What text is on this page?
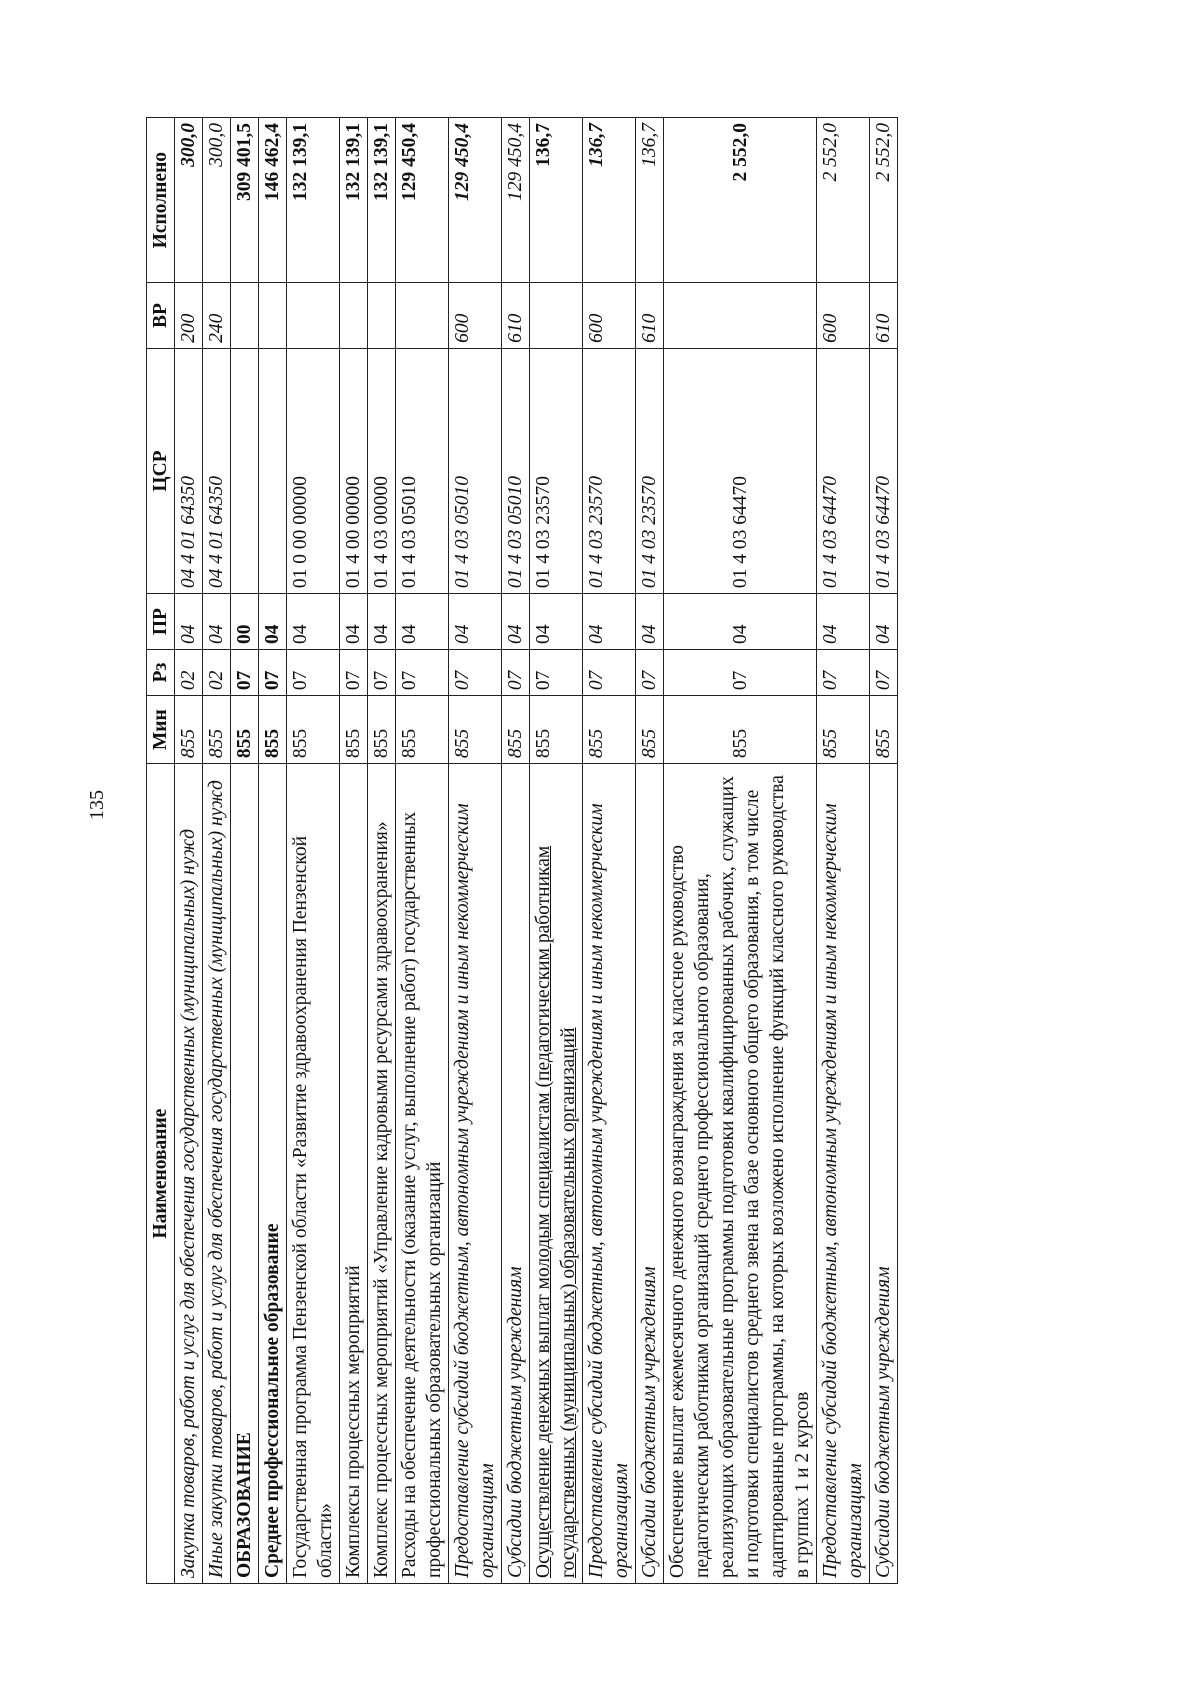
135
Наименование	Мин	Рз	ПР	ЦСР	ВР	Исполнено
Закупка товаров, работ и услуг для обеспечения государственных (муниципальных) нужд	855	02	04	04 4 01 64350	200	300,0
Иные закупки товаров, работ и услуг для обеспечения государственных (муниципальных) нужд	855	02	04	04 4 01 64350	240	300,0
ОБРАЗОВАНИЕ	855	07	00			309 401,5
Среднее профессиональное образование	855	07	04			146 462,4
Государственная программа Пензенской области «Развитие здравоохранения Пензенской области»	855	07	04	01 0 00 00000		132 139,1
Комплексы процессных мероприятий	855	07	04	01 4 00 00000		132 139,1
Комплекс процессных мероприятий «Управление кадровыми ресурсами здравоохранения»	855	07	04	01 4 03 00000		132 139,1
Расходы на обеспечение деятельности (оказание услуг, выполнение работ) государственных профессиональных образовательных организаций	855	07	04	01 4 03 05010		129 450,4
Предоставление субсидий бюджетным, автономным учреждениям и иным некоммерческим организациям	855	07	04	01 4 03 05010	600	129 450,4
Субсидии бюджетным учреждениям	855	07	04	01 4 03 05010	610	129 450,4
Осуществление денежных выплат молодым специалистам (педагогическим работникам государственных (муниципальных) образовательных организаций	855	07	04	01 4 03 23570		136,7
Предоставление субсидий бюджетным, автономным учреждениям и иным некоммерческим организациям	855	07	04	01 4 03 23570	600	136,7
Субсидии бюджетным учреждениям	855	07	04	01 4 03 23570	610	136,7
Обеспечение выплат ежемесячного денежного вознаграждения за классное руководство педагогическим работникам организаций среднего профессионального образования, реализующих образовательные программы подготовки квалифицированных рабочих, служащих и подготовки специалистов среднего звена на базе основного общего образования, в том числе адаптированные программы, на которых возложено исполнение функций классного руководства в группах 1 и 2 курсов	855	07	04	01 4 03 64470		2 552,0
Предоставление субсидий бюджетным, автономным учреждениям и иным некоммерческим организациям	855	07	04	01 4 03 64470	600	2 552,0
Субсидии бюджетным учреждениям	855	07	04	01 4 03 64470	610	2 552,0
